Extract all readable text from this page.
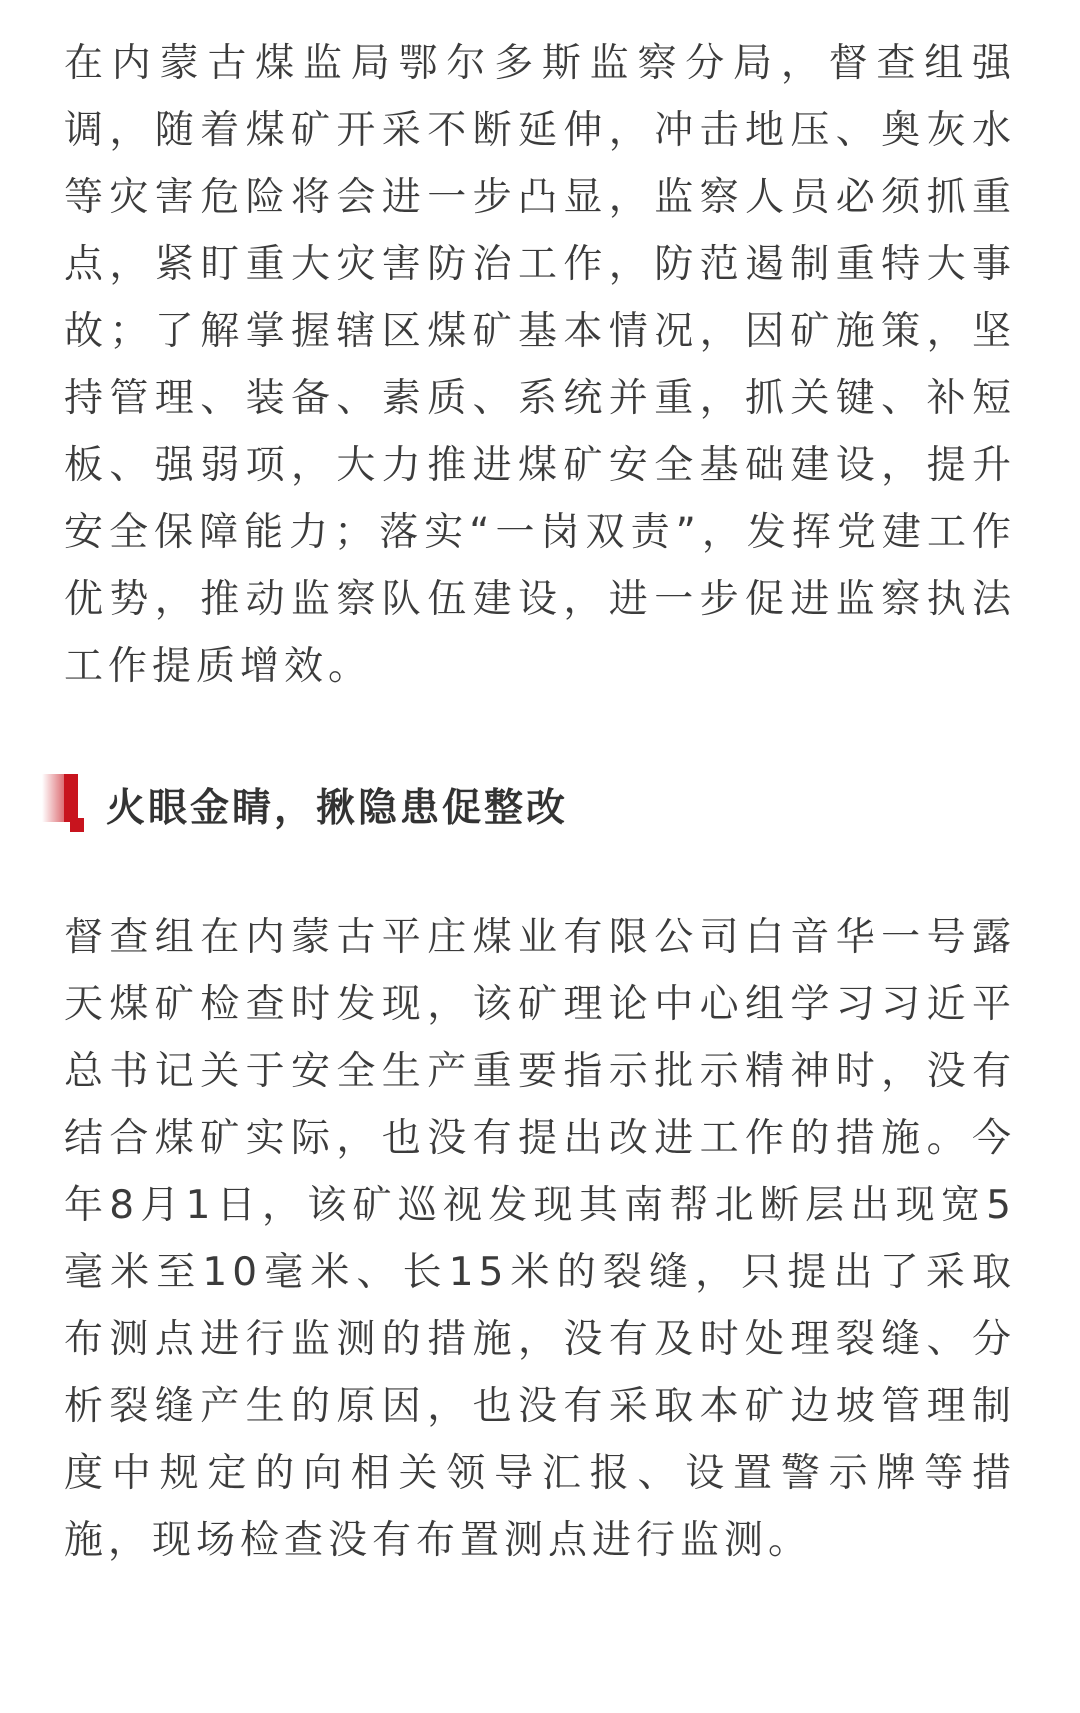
在内蒙古煤监局鄂尔多斯监察分局，督查组强调，随着煤矿开采不断延伸，冲击地压、奥灰水等灾害危险将会进一步凸显，监察人员必须抓重点，紧盯重大灾害防治工作，防范遏制重特大事故；了解掌握辖区煤矿基本情况，因矿施策，坚持管理、装备、素质、系统并重，抓关键、补短板、强弱项，大力推进煤矿安全基础建设，提升安全保障能力；落实“一岗双责”，发挥党建工作优势，推动监察队伍建设，进一步促进监察执法工作提质增效。

火眼金睛，揪隐患促整改

督查组在内蒙古平庄煤业有限公司白音华一号露天煤矿检查时发现，该矿理论中心组学习习近平总书记关于安全生产重要指示批示精神时，没有结合煤矿实际，也没有提出改进工作的措施。今年8月1日，该矿巡视发现其南帮北断层出现宽5毫米至10毫米、长15米的裂缝，只提出了采取布测点进行监测的措施，没有及时处理裂缝、分析裂缝产生的原因，也没有采取本矿边坡管理制度中规定的向相关领导汇报、设置警示牌等措施，现场检查没有布置测点进行监测。
